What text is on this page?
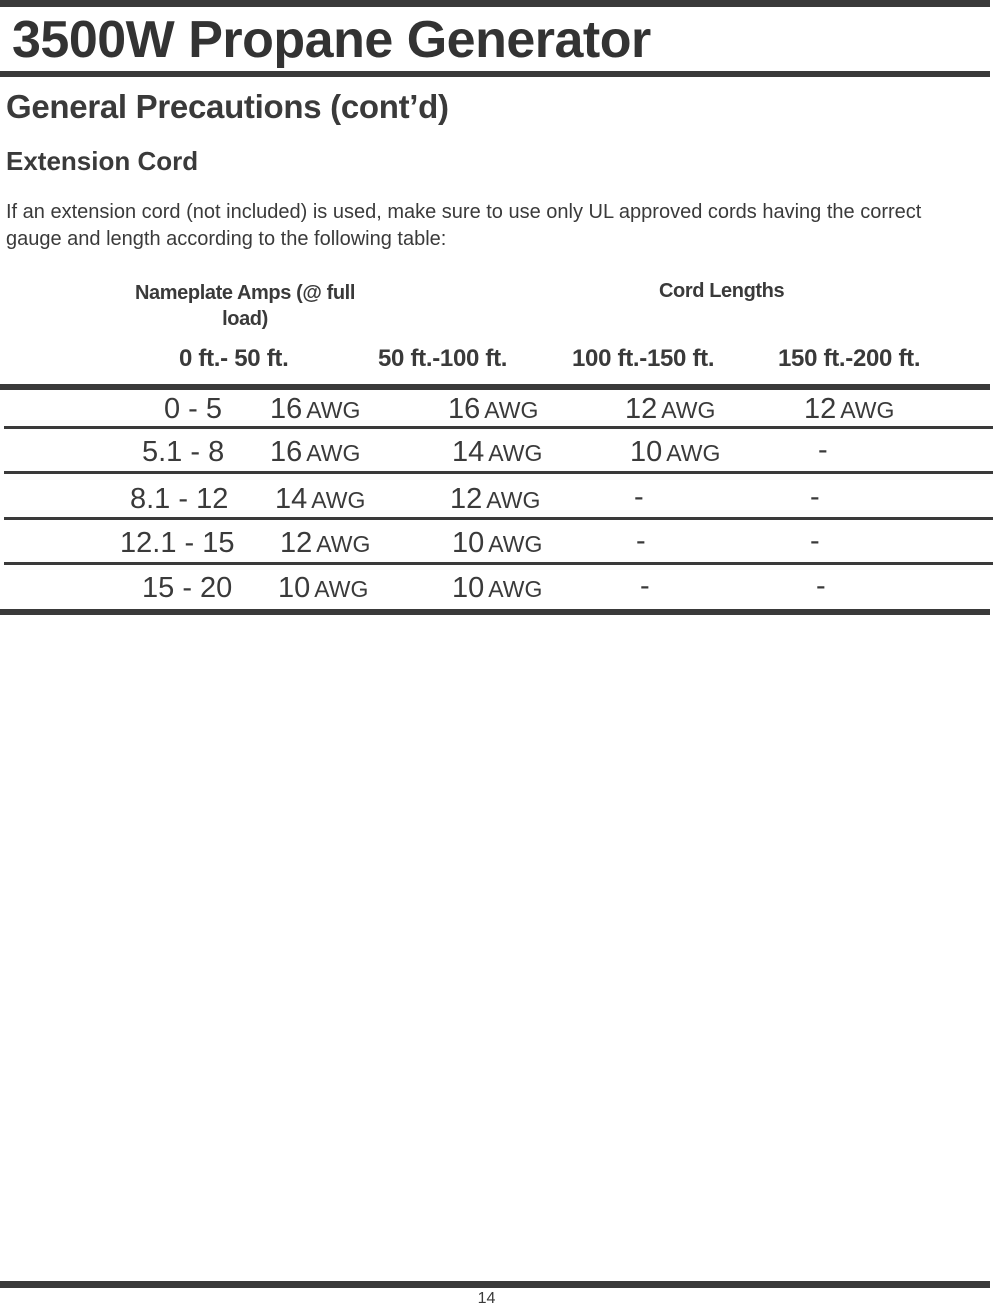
3500W Propane Generator
General Precautions (cont’d)
Extension Cord
If an extension cord (not included) is used, make sure to use only UL approved cords having the correct gauge and length according to the following table:
Nameplate Amps (@ full load)
Cord Lengths
0 ft.- 50 ft.	50 ft.-100 ft.	100 ft.-150 ft.	150 ft.-200 ft.
0 - 5 16 AWG	16 AWG	12 AWG	12 AWG
5.1 - 8 16 AWG	14 AWG	10 AWG	-
8.1 - 12 14 AWG	12 AWG	-	-
12.1 - 15 12 AWG	10 AWG	-	-
15 - 20 10 AWG	10 AWG	-	-
14
